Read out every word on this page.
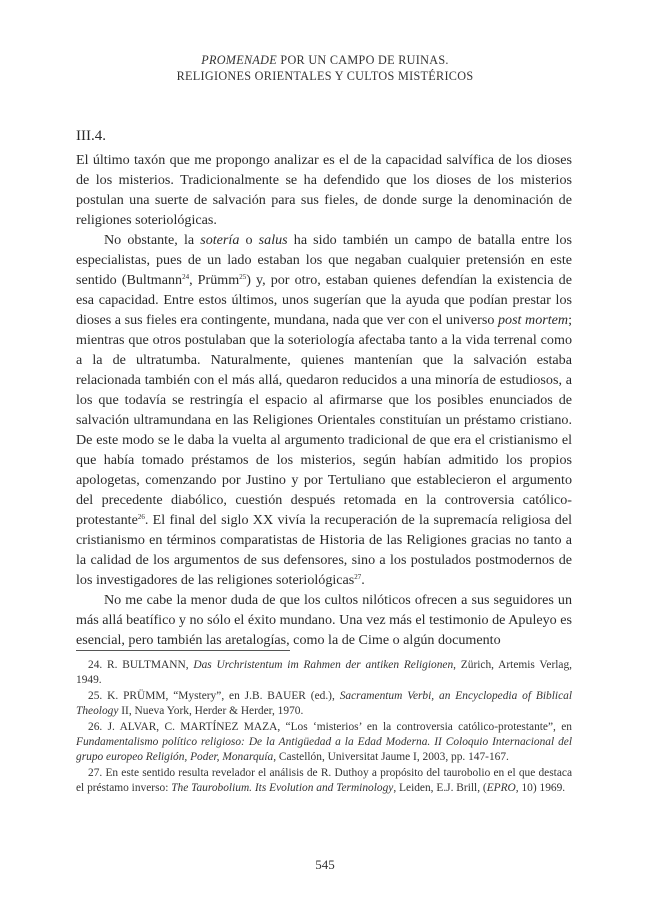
PROMENADE POR UN CAMPO DE RUINAS.
RELIGIONES ORIENTALES Y CULTOS MISTÉRICOS
III.4.

El último taxón que me propongo analizar es el de la capacidad salvífica de los dioses de los misterios. Tradicionalmente se ha defendido que los dioses de los misterios postulan una suerte de salvación para sus fieles, de donde surge la denominación de religiones soteriológicas.

No obstante, la sotería o salus ha sido también un campo de batalla entre los especialistas, pues de un lado estaban los que negaban cualquier pretensión en este sentido (Bultmann$^{24}$, Prümm$^{25}$) y, por otro, estaban quienes defendían la existencia de esa capacidad. Entre estos últimos, unos sugerían que la ayuda que podían prestar los dioses a sus fieles era contingente, mundana, nada que ver con el universo post mortem; mientras que otros postulaban que la soteriología afectaba tanto a la vida terrenal como a la de ultratumba. Naturalmente, quienes mantenían que la salvación estaba relacionada también con el más allá, quedaron reducidos a una minoría de estudiosos, a los que todavía se restringía el espacio al afirmarse que los posibles enunciados de salvación ultramundana en las Religiones Orientales constituían un préstamo cristiano. De este modo se le daba la vuelta al argumento tradicional de que era el cristianismo el que había tomado préstamos de los misterios, según habían admitido los propios apologetas, comenzando por Justino y por Tertuliano que establecieron el argumento del precedente diabólico, cuestión después retomada en la controversia católico-protestante$^{26}$. El final del siglo XX vivía la recuperación de la supremacía religiosa del cristianismo en términos comparatistas de Historia de las Religiones gracias no tanto a la calidad de los argumentos de sus defensores, sino a los postulados postmodernos de los investigadores de las religiones soteriológicas$^{27}$.

No me cabe la menor duda de que los cultos nilóticos ofrecen a sus seguidores un más allá beatífico y no sólo el éxito mundano. Una vez más el testimonio de Apuleyo es esencial, pero también las aretalogías, como la de Cime o algún documento

24. R. BULTMANN, Das Urchristentum im Rahmen der antiken Religionen, Zürich, Artemis Verlag, 1949.

25. K. PRÜMM, “Mystery”, en J.B. BAUER (ed.), Sacramentum Verbi, an Encyclopedia of Biblical Theology II, Nueva York, Herder & Herder, 1970.

26. J. ALVAR, C. MARTÍNEZ MAZA, “Los ‘misterios’ en la controversia católico-protestante”, en Fundamentalismo político religioso: De la Antigüedad a la Edad Moderna. II Coloquio Internacional del grupo europeo Religión, Poder, Monarquía, Castellón, Universitat Jaume I, 2003, pp. 147-167.

27. En este sentido resulta revelador el análisis de R. Duthoy a propósito del taurobolio en el que destaca el préstamo inverso: The Taurobolium. Its Evolution and Terminology, Leiden, E.J. Brill, (EPRO, 10) 1969.

545
